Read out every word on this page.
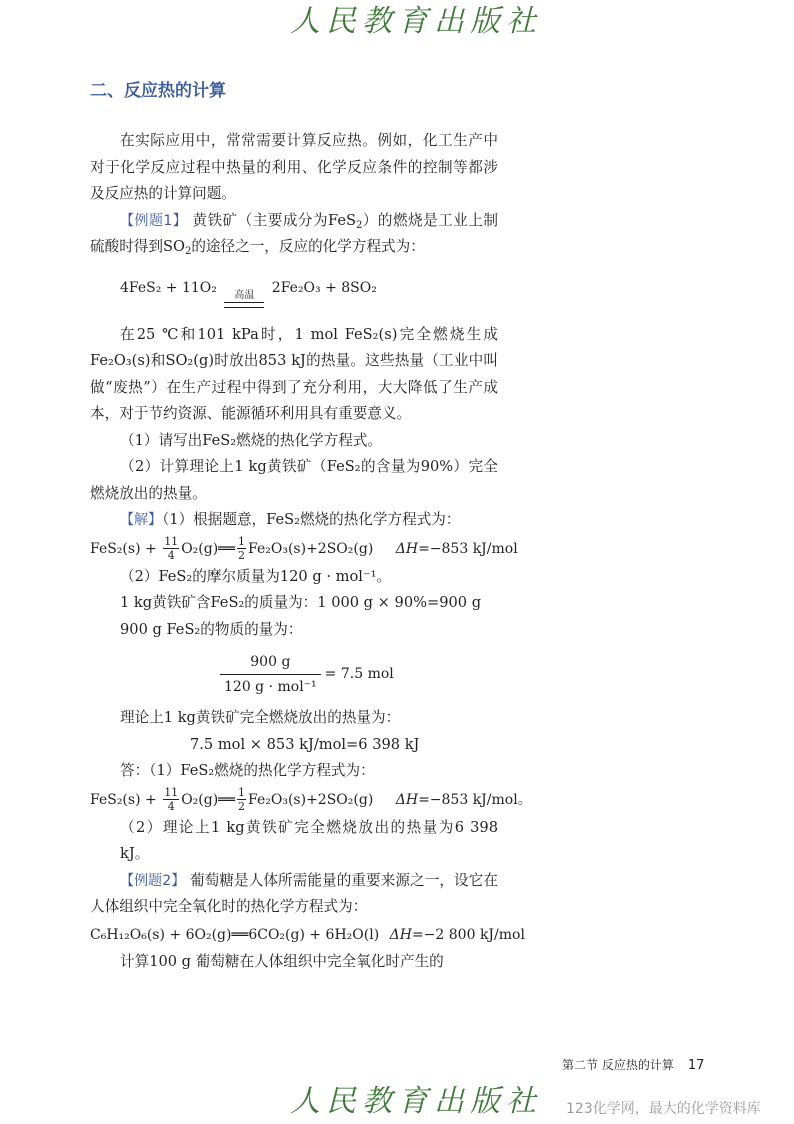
人民教育出版社
二、反应热的计算

在实际应用中，常常需要计算反应热。例如，化工生产中对于化学反应过程中热量的利用、化学反应条件的控制等都涉及反应热的计算问题。

【例题1】 黄铁矿（主要成分为FeS$_2$）的燃烧是工业上制硫酸时得到$SO_2$的途径之一，反应的化学方程式为：

4FeS₂ + 11O₂	高温	2Fe₂O₃ + 8SO₂

在25 ℃和101 kPa时，1 mol FeS₂(s)完全燃烧生成Fe₂O₃(s)和SO₂(g)时放出853 kJ的热量。这些热量（工业中叫做“废热”）在生产过程中得到了充分利用，大大降低了生产成本，对于节约资源、能源循环利用具有重要意义。

（1）请写出FeS₂燃烧的热化学方程式。

（2）计算理论上1 kg黄铁矿（FeS₂的含量为90%）完全燃烧放出的热量。

【解】（1）根据题意，FeS₂燃烧的热化学方程式为：

$FeS_2(s) + \frac{11}{4}$ O₂(g)══ $\frac{1}{2} Fe_2O_3(s)+2SO_2(g)$ ΔH=−853 kJ/mol

（2）FeS₂的摩尔质量为120 g · mol⁻¹。

1 kg黄铁矿含FeS₂的质量为：1 000 g × 90%=900 g

900 g FeS₂的物质的量为：

$\frac{900 g}{\text{120 g · mol⁻¹}} = 7.5$ mol

理论上1 kg黄铁矿完全燃烧放出的热量为：

7.5 mol × 853 kJ/mol=6 398 kJ

答：（1）FeS₂燃烧的热化学方程式为：

$FeS_2(s) + \frac{11}{4}$ O₂(g)══ $\frac{1}{2} Fe_2O_3(s)+2SO_2(g)$ ΔH=−853 kJ/mol。

（2）理论上1 kg黄铁矿完全燃烧放出的热量为6 398 kJ。

【例题2】 葡萄糖是人体所需能量的重要来源之一，设它在人体组织中完全氧化时的热化学方程式为：

C₆H₁₂O₆(s) + 6O₂(g)══6CO₂(g) + 6H₂O(l) ΔH=−2 800 kJ/mol

计算100 g 葡萄糖在人体组织中完全氧化时产生的

第二节 反应热的计算 17
人民教育出版社 123化学网，最大的化学资料库
